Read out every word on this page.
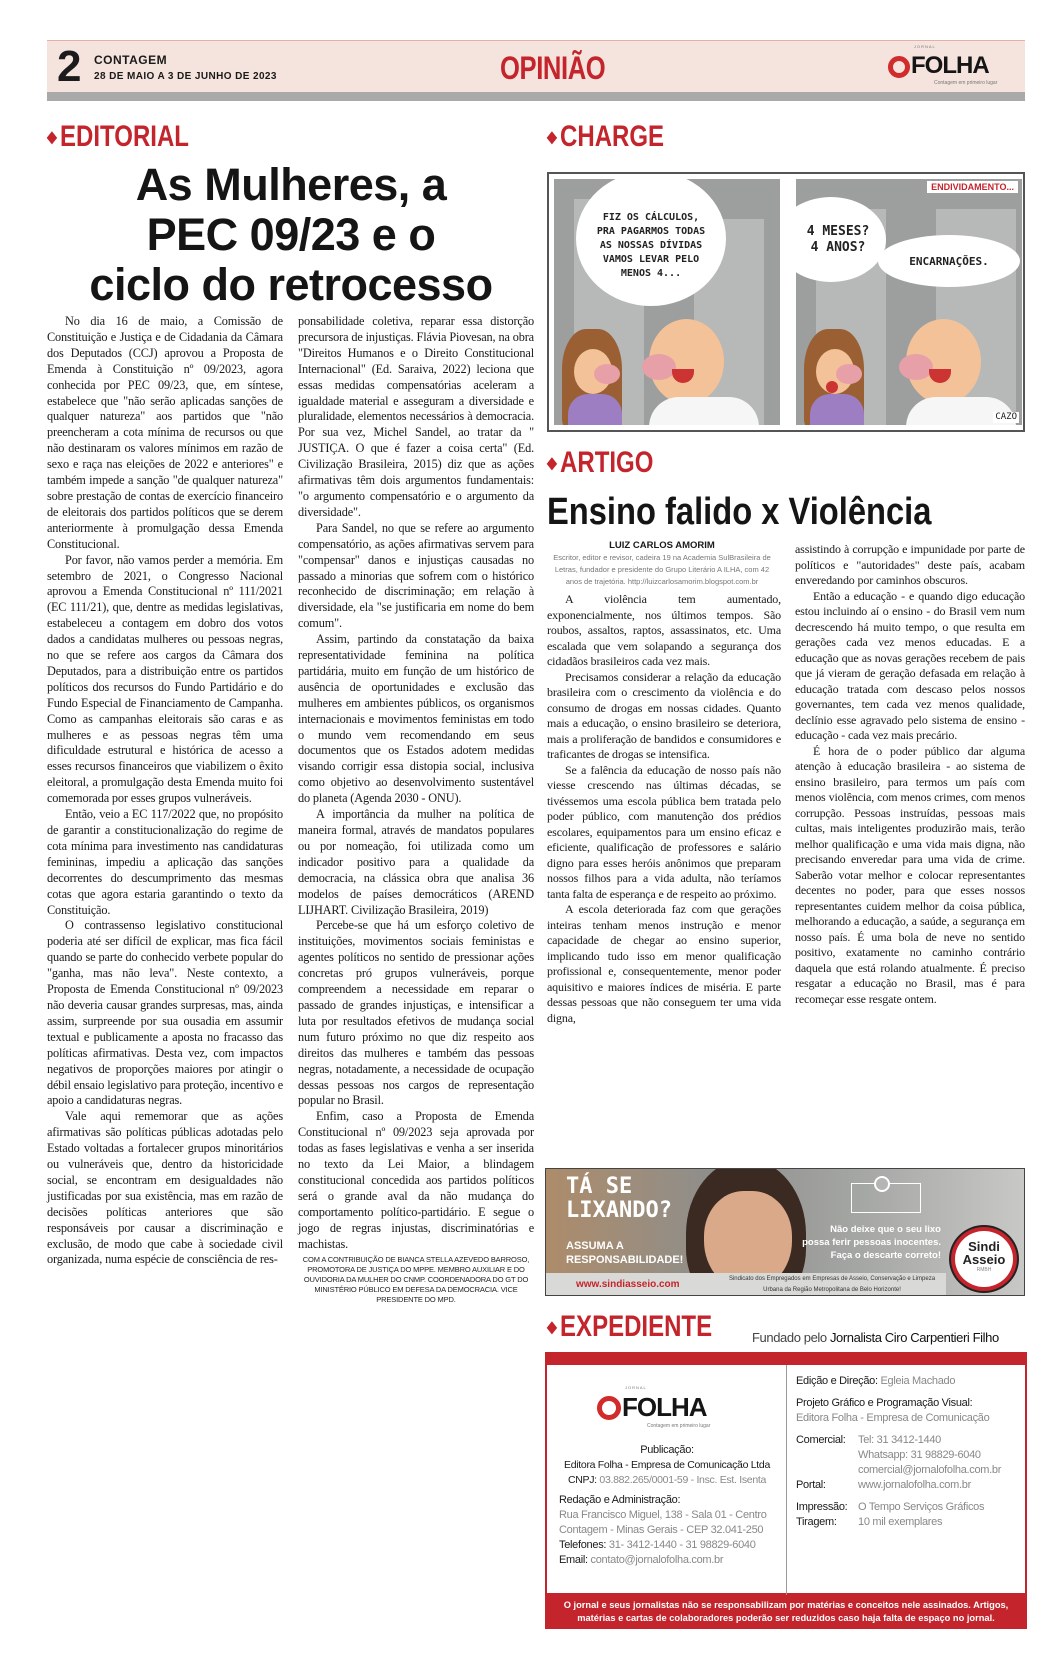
2 CONTAGEM
28 DE MAIO A 3 DE JUNHO DE 2023	OPINIÃO
JORNAL
FOLHA
Contagem em primeiro lugar
◆ EDITORIAL
As Mulheres, a
PEC 09/23 e o
ciclo do retrocesso

No dia 16 de maio, a Comissão de Constituição e Justiça e de Cidadania da Câmara dos Deputados (CCJ) aprovou a Proposta de Emenda à Constituição nº 09/2023, agora conhecida por PEC 09/23, que, em síntese, estabelece que "não serão aplicadas sanções de qualquer natureza" aos partidos que "não preencheram a cota mínima de recursos ou que não destinaram os valores mínimos em razão de sexo e raça nas eleições de 2022 e anteriores" e também impede a sanção "de qualquer natureza" sobre prestação de contas de exercício financeiro de eleitorais dos partidos políticos que se derem anteriormente à promulgação dessa Emenda Constitucional.

Por favor, não vamos perder a memória. Em setembro de 2021, o Congresso Nacional aprovou a Emenda Constitucional nº 111/2021 (EC 111/21), que, dentre as medidas legislativas, estabeleceu a contagem em dobro dos votos dados a candidatas mulheres ou pessoas negras, no que se refere aos cargos da Câmara dos Deputados, para a distribuição entre os partidos políticos dos recursos do Fundo Partidário e do Fundo Especial de Financiamento de Campanha. Como as campanhas eleitorais são caras e as mulheres e as pessoas negras têm uma dificuldade estrutural e histórica de acesso a esses recursos financeiros que viabilizem o êxito eleitoral, a promulgação desta Emenda muito foi comemorada por esses grupos vulneráveis.

Então, veio a EC 117/2022 que, no propósito de garantir a constitucionalização do regime de cota mínima para investimento nas candidaturas femininas, impediu a aplicação das sanções decorrentes do descumprimento das mesmas cotas que agora estaria garantindo o texto da Constituição.

O contrassenso legislativo constitucional poderia até ser difícil de explicar, mas fica fácil quando se parte do conhecido verbete popular do "ganha, mas não leva". Neste contexto, a Proposta de Emenda Constitucional nº 09/2023 não deveria causar grandes surpresas, mas, ainda assim, surpreende por sua ousadia em assumir textual e publicamente a aposta no fracasso das políticas afirmativas. Desta vez, com impactos negativos de proporções maiores por atingir o débil ensaio legislativo para proteção, incentivo e apoio a candidaturas negras.

Vale aqui rememorar que as ações afirmativas são políticas públicas adotadas pelo Estado voltadas a fortalecer grupos minoritários ou vulneráveis que, dentro da historicidade social, se encontram em desigualdades não justificadas por sua existência, mas em razão de decisões políticas anteriores que são responsáveis por causar a discriminação e exclusão, de modo que cabe à sociedade civil organizada, numa espécie de consciência de res-

ponsabilidade coletiva, reparar essa distorção precursora de injustiças. Flávia Piovesan, na obra "Direitos Humanos e o Direito Constitucional Internacional" (Ed. Saraiva, 2022) leciona que essas medidas compensatórias aceleram a igualdade material e asseguram a diversidade e pluralidade, elementos necessários à democracia. Por sua vez, Michel Sandel, ao tratar da " JUSTIÇA. O que é fazer a coisa certa" (Ed. Civilização Brasileira, 2015) diz que as ações afirmativas têm dois argumentos fundamentais: "o argumento compensatório e o argumento da diversidade".

Para Sandel, no que se refere ao argumento compensatório, as ações afirmativas servem para "compensar" danos e injustiças causadas no passado a minorias que sofrem com o histórico reconhecido de discriminação; em relação à diversidade, ela "se justificaria em nome do bem comum".

Assim, partindo da constatação da baixa representatividade feminina na política partidária, muito em função de um histórico de ausência de oportunidades e exclusão das mulheres em ambientes públicos, os organismos internacionais e movimentos feministas em todo o mundo vem recomendando em seus documentos que os Estados adotem medidas visando corrigir essa distopia social, inclusiva como objetivo ao desenvolvimento sustentável do planeta (Agenda 2030 - ONU).

A importância da mulher na política de maneira formal, através de mandatos populares ou por nomeação, foi utilizada como um indicador positivo para a qualidade da democracia, na clássica obra que analisa 36 modelos de países democráticos (AREND LIJHART. Civilização Brasileira, 2019)

Percebe-se que há um esforço coletivo de instituições, movimentos sociais feministas e agentes políticos no sentido de pressionar ações concretas pró grupos vulneráveis, porque compreendem a necessidade em reparar o passado de grandes injustiças, e intensificar a luta por resultados efetivos de mudança social num futuro próximo no que diz respeito aos direitos das mulheres e também das pessoas negras, notadamente, a necessidade de ocupação dessas pessoas nos cargos de representação popular no Brasil.

Enfim, caso a Proposta de Emenda Constitucional nº 09/2023 seja aprovada por todas as fases legislativas e venha a ser inserida no texto da Lei Maior, a blindagem constitucional concedida aos partidos políticos será o grande aval da não mudança do comportamento político-partidário. E segue o jogo de regras injustas, discriminatórias e machistas.

COM A CONTRIBUIÇÃO DE BIANCA STELLA AZEVEDO BARROSO, PROMOTORA DE JUSTIÇA DO MPPE. MEMBRO AUXILIAR E DO OUVIDORIA DA MULHER DO CNMP. COORDENADORA DO GT DO MINISTÉRIO PÚBLICO EM DEFESA DA DEMOCRACIA. VICE PRESIDENTE DO MPD.
◆ CHARGE
FIZ OS CÁLCULOS, PRA PAGARMOS TODAS AS NOSSAS DÍVIDAS VAMOS LEVAR PELO MENOS 4...
ENDIVIDAMENTO...
4 MESES? 4 ANOS?
ENCARNAÇÕES.
CAZO
◆ ARTIGO
Ensino falido x Violência
LUIZ CARLOS AMORIM
Escritor, editor e revisor, cadeira 19 na Academia SulBrasileira de Letras, fundador e presidente do Grupo Literário A ILHA, com 42 anos de trajetória. http://luizcarlosamorim.blogspot.com.br

A violência tem aumentado, exponencialmente, nos últimos tempos. São roubos, assaltos, raptos, assassinatos, etc. Uma escalada que vem solapando a segurança dos cidadãos brasileiros cada vez mais.

Precisamos considerar a relação da educação brasileira com o crescimento da violência e do consumo de drogas em nossas cidades. Quanto mais a educação, o ensino brasileiro se deteriora, mais a proliferação de bandidos e consumidores e traficantes de drogas se intensifica.

Se a falência da educação de nosso país não viesse crescendo nas últimas décadas, se tivéssemos uma escola pública bem tratada pelo poder público, com manutenção dos prédios escolares, equipamentos para um ensino eficaz e eficiente, qualificação de professores e salário digno para esses heróis anônimos que preparam nossos filhos para a vida adulta, não teríamos tanta falta de esperança e de respeito ao próximo.

A escola deteriorada faz com que gerações inteiras tenham menos instrução e menor capacidade de chegar ao ensino superior, implicando tudo isso em menor qualificação profissional e, consequentemente, menor poder aquisitivo e maiores índices de miséria. E parte dessas pessoas que não conseguem ter uma vida digna,

assistindo à corrupção e impunidade por parte de políticos e "autoridades" deste país, acabam enveredando por caminhos obscuros.

Então a educação - e quando digo educação estou incluindo aí o ensino - do Brasil vem num decrescendo há muito tempo, o que resulta em gerações cada vez menos educadas. E a educação que as novas gerações recebem de pais que já vieram de geração defasada em relação à educação tratada com descaso pelos nossos governantes, tem cada vez menos qualidade, declínio esse agravado pelo sistema de ensino - educação - cada vez mais precário.

É hora de o poder público dar alguma atenção à educação brasileira - ao sistema de ensino brasileiro, para termos um país com menos violência, com menos crimes, com menos corrupção. Pessoas instruídas, pessoas mais cultas, mais inteligentes produzirão mais, terão melhor qualificação e uma vida mais digna, não precisando enveredar para uma vida de crime. Saberão votar melhor e colocar representantes decentes no poder, para que esses nossos representantes cuidem melhor da coisa pública, melhorando a educação, a saúde, a segurança em nosso país. É uma bola de neve no sentido positivo, exatamente no caminho contrário daquela que está rolando atualmente. É preciso resgatar a educação no Brasil, mas é para recomeçar esse resgate ontem.

TÁ SE LIXANDO?
ASSUMA A RESPONSABILIDADE!
Não deixe que o seu lixo
possa ferir pessoas inocentes.
Faça o descarte correto!
www.sindiasseio.com	Sindicato dos Empregados em Empresas de Asseio, Conservação e Limpeza Urbana da Região Metropolitana de Belo Horizonte!
Sindi
Asseio
RMBH
◆ EXPEDIENTE	Fundado pelo Jornalista Ciro Carpentieri Filho
JORNAL
FOLHA
Contagem em primeiro lugar
Publicação:
Editora Folha - Empresa de Comunicação Ltda
CNPJ: 03.882.265/0001-59 - Insc. Est. Isenta
Redação e Administração:
Rua Francisco Miguel, 138 - Sala 01 - Centro
Contagem - Minas Gerais - CEP 32.041-250
Telefones: 31- 3412-1440 - 31 98829-6040
Email: contato@jornalofolha.com.br
Edição e Direção: Egleia Machado
Projeto Gráfico e Programação Visual:
Editora Folha - Empresa de Comunicação
Comercial:	Tel: 31 3412-1440
Whatsapp: 31 98829-6040
comercial@jornalofolha.com.br
Portal:	www.jornalofolha.com.br
Impressão: O Tempo Serviços Gráficos
Tiragem:	10 mil exemplares
O jornal e seus jornalistas não se responsabilizam por matérias e conceitos nele assinados. Artigos, matérias e cartas de colaboradores poderão ser reduzidos caso haja falta de espaço no jornal.
